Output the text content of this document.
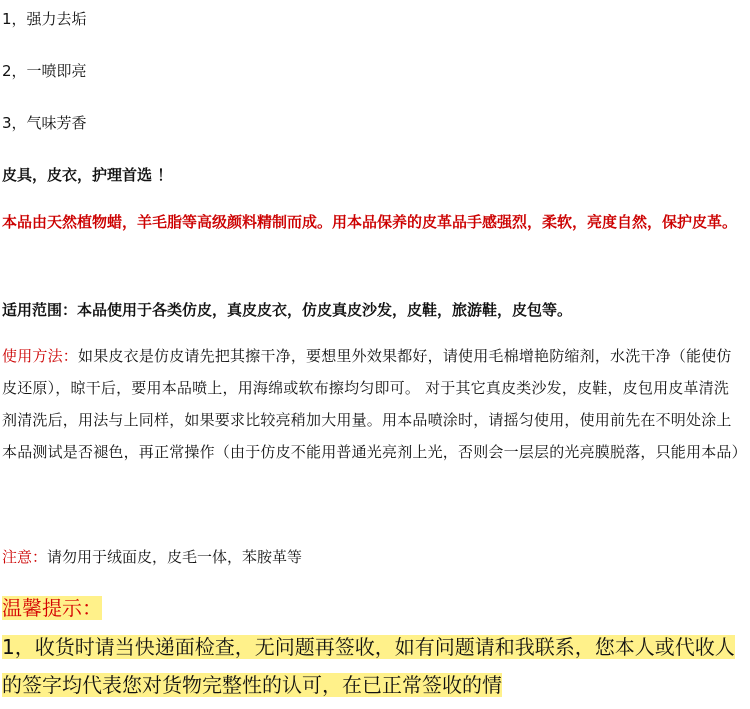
1，强力去垢
2，一喷即亮
3，气味芳香
皮具，皮衣，护理首选 ！

本品由天然植物蜡，羊毛脂等高级颜料精制而成。用本品保养的皮革品手感强烈，柔软，亮度自然，保护皮革。

适用范围：本品使用于各类仿皮，真皮皮衣，仿皮真皮沙发，皮鞋，旅游鞋，皮包等。

使用方法：如果皮衣是仿皮请先把其擦干净，要想里外效果都好，请使用毛棉增艳防缩剂，水洗干净（能使仿皮还原），晾干后，要用本品喷上，用海绵或软布擦均匀即可。 对于其它真皮类沙发，皮鞋，皮包用皮革清洗剂清洗后，用法与上同样，如果要求比较亮稍加大用量。用本品喷涂时，请摇匀使用，使用前先在不明处涂上本品测试是否褪色，再正常操作（由于仿皮不能用普通光亮剂上光，否则会一层层的光亮膜脱落，只能用本品）

注意：请勿用于绒面皮，皮毛一体，苯胺革等
温馨提示：

1，收货时请当快递面检查，无问题再签收，如有问题请和我联系，您本人或代收人的签字均代表您对货物完整性的认可，在已正常签收的情
